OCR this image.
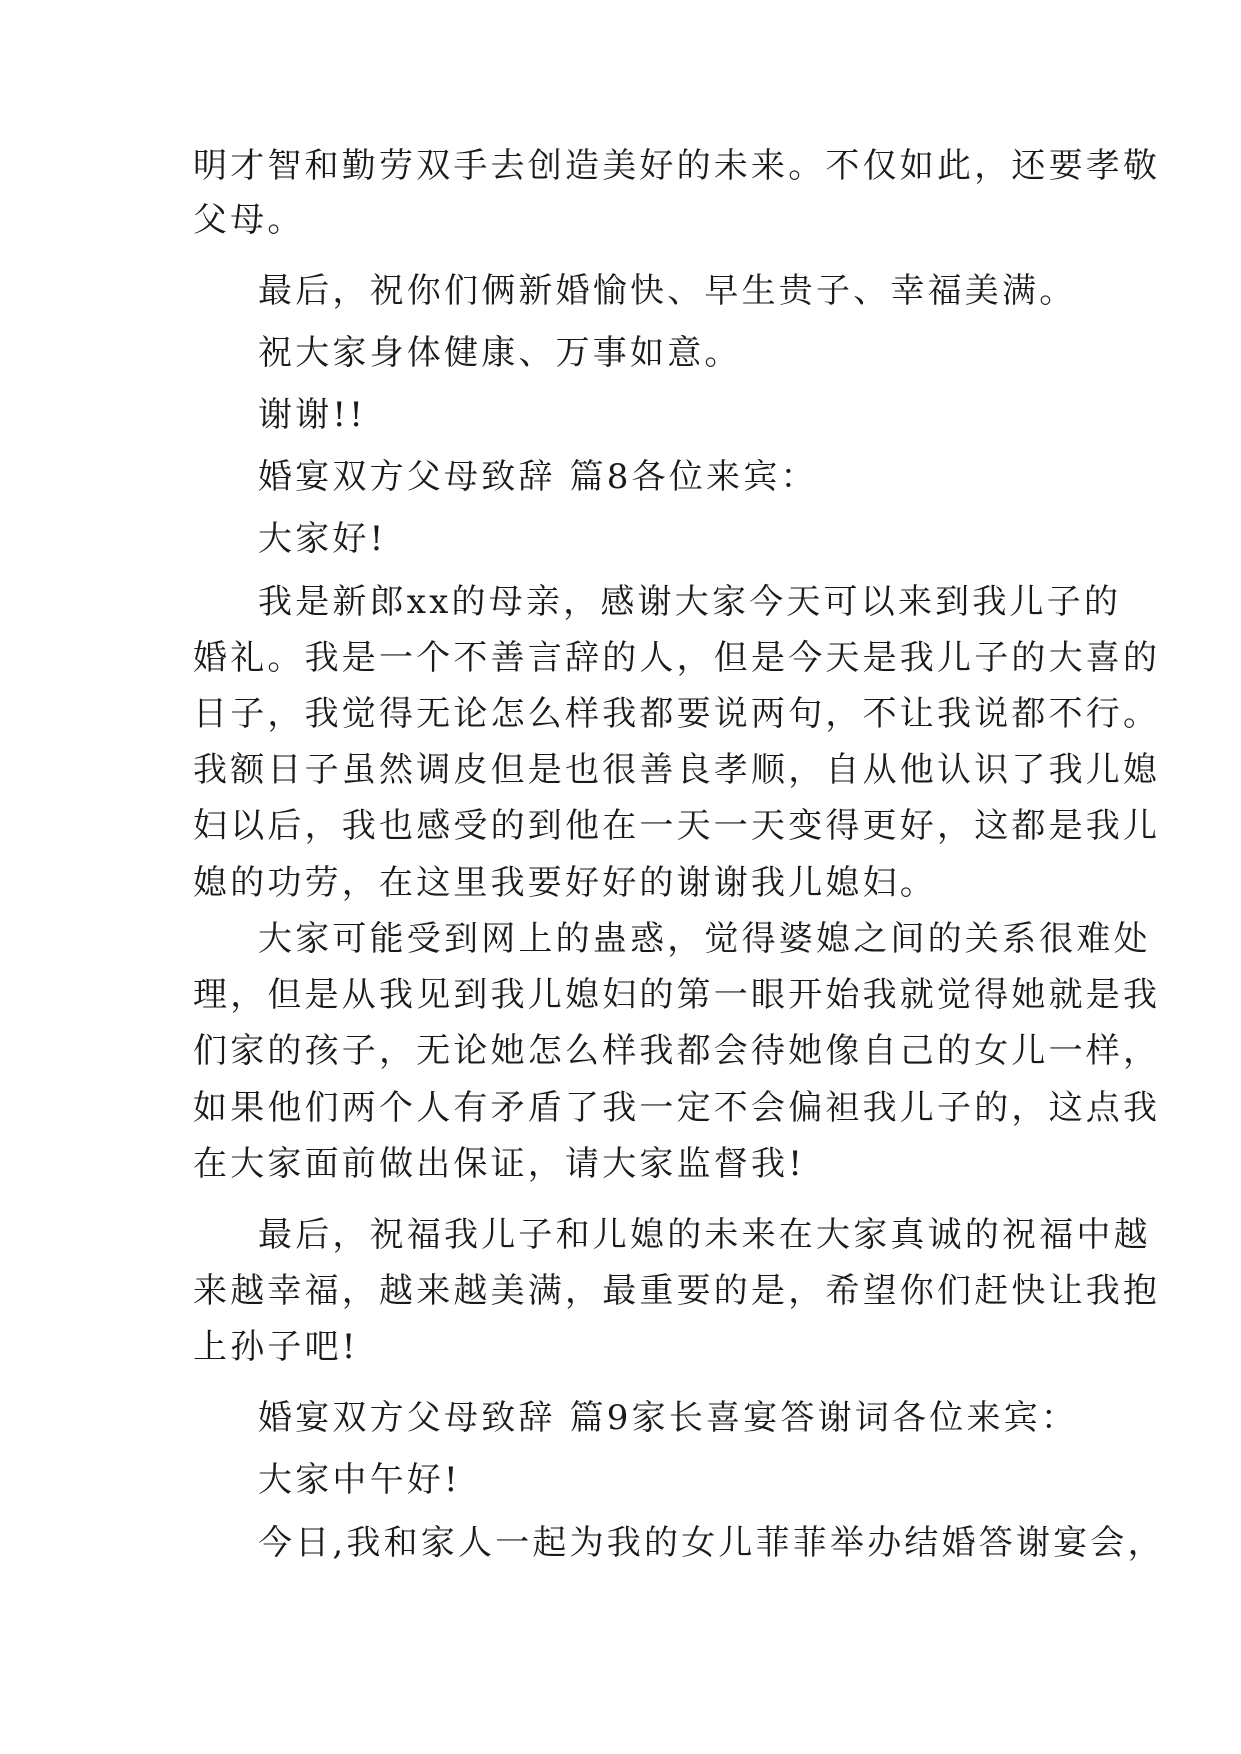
明才智和勤劳双手去创造美好的未来。不仅如此，还要孝敬
父母。
最后，祝你们俩新婚愉快、早生贵子、幸福美满。
祝大家身体健康、万事如意。
谢谢!!
婚宴双方父母致辞 篇8各位来宾：
大家好!
我是新郎xx的母亲，感谢大家今天可以来到我儿子的
婚礼。我是一个不善言辞的人，但是今天是我儿子的大喜的
日子，我觉得无论怎么样我都要说两句，不让我说都不行。
我额日子虽然调皮但是也很善良孝顺，自从他认识了我儿媳
妇以后，我也感受的到他在一天一天变得更好，这都是我儿
媳的功劳，在这里我要好好的谢谢我儿媳妇。
大家可能受到网上的蛊惑，觉得婆媳之间的关系很难处
理，但是从我见到我儿媳妇的第一眼开始我就觉得她就是我
们家的孩子，无论她怎么样我都会待她像自己的女儿一样，
如果他们两个人有矛盾了我一定不会偏袒我儿子的，这点我
在大家面前做出保证，请大家监督我!
最后，祝福我儿子和儿媳的未来在大家真诚的祝福中越
来越幸福，越来越美满，最重要的是，希望你们赶快让我抱
上孙子吧!
婚宴双方父母致辞 篇9家长喜宴答谢词各位来宾：
大家中午好!
今日,我和家人一起为我的女儿菲菲举办结婚答谢宴会，
